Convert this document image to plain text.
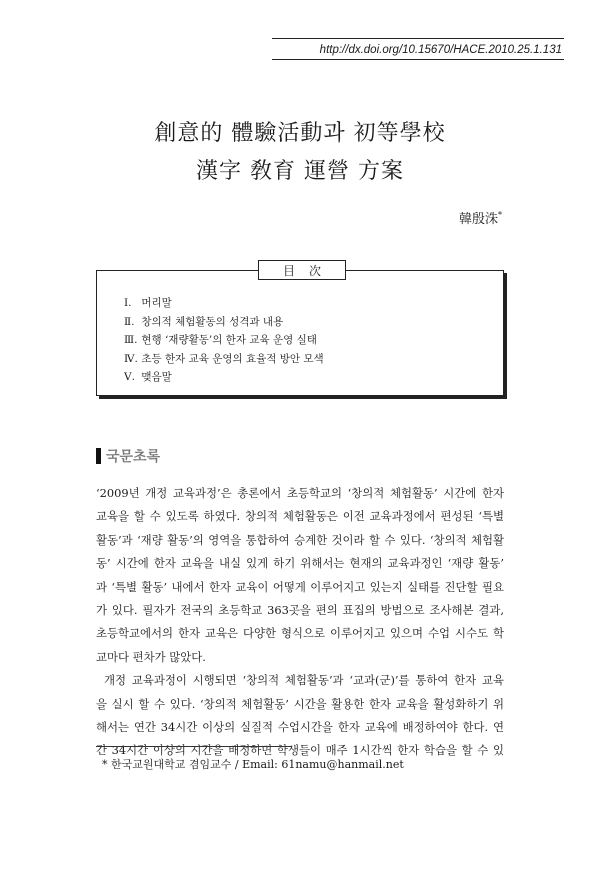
http://dx.doi.org/10.15670/HACE.2010.25.1.131
創意的 體驗活動과 初等學校
漢字 敎育 運營 方案
韓殷洙*
目次
Ⅰ. 머리말
Ⅱ. 창의적 체험활동의 성격과 내용
Ⅲ. 현행 ‘재량활동’의 한자 교육 운영 실태
Ⅳ. 초등 한자 교육 운영의 효율적 방안 모색
Ⅴ. 맺음말
국문초록
‘2009년 개정 교육과정’은 총론에서 초등학교의 ‘창의적 체험활동’ 시간에 한자
교육을 할 수 있도록 하였다. 창의적 체험활동은 이전 교육과정에서 편성된 ‘특별
활동’과 ‘재량 활동’의 영역을 통합하여 승계한 것이라 할 수 있다. ‘창의적 체험활
동’ 시간에 한자 교육을 내실 있게 하기 위해서는 현재의 교육과정인 ‘재량 활동’
과 ‘특별 활동’ 내에서 한자 교육이 어떻게 이루어지고 있는지 실태를 진단할 필요
가 있다. 필자가 전국의 초등학교 363곳을 편의 표집의 방법으로 조사해본 결과,
초등학교에서의 한자 교육은 다양한 형식으로 이루어지고 있으며 수업 시수도 학
교마다 편차가 많았다.
개정 교육과정이 시행되면 ‘창의적 체험활동’과 ‘교과(군)’를 통하여 한자 교육
을 실시 할 수 있다. ‘창의적 체험활동’ 시간을 활용한 한자 교육을 활성화하기 위
해서는 연간 34시간 이상의 실질적 수업시간을 한자 교육에 배정하여야 한다. 연
간 34시간 이상의 시간을 배정하면 학생들이 매주 1시간씩 한자 학습을 할 수 있
* 한국교원대학교 겸임교수 / Email: 61namu@hanmail.net
